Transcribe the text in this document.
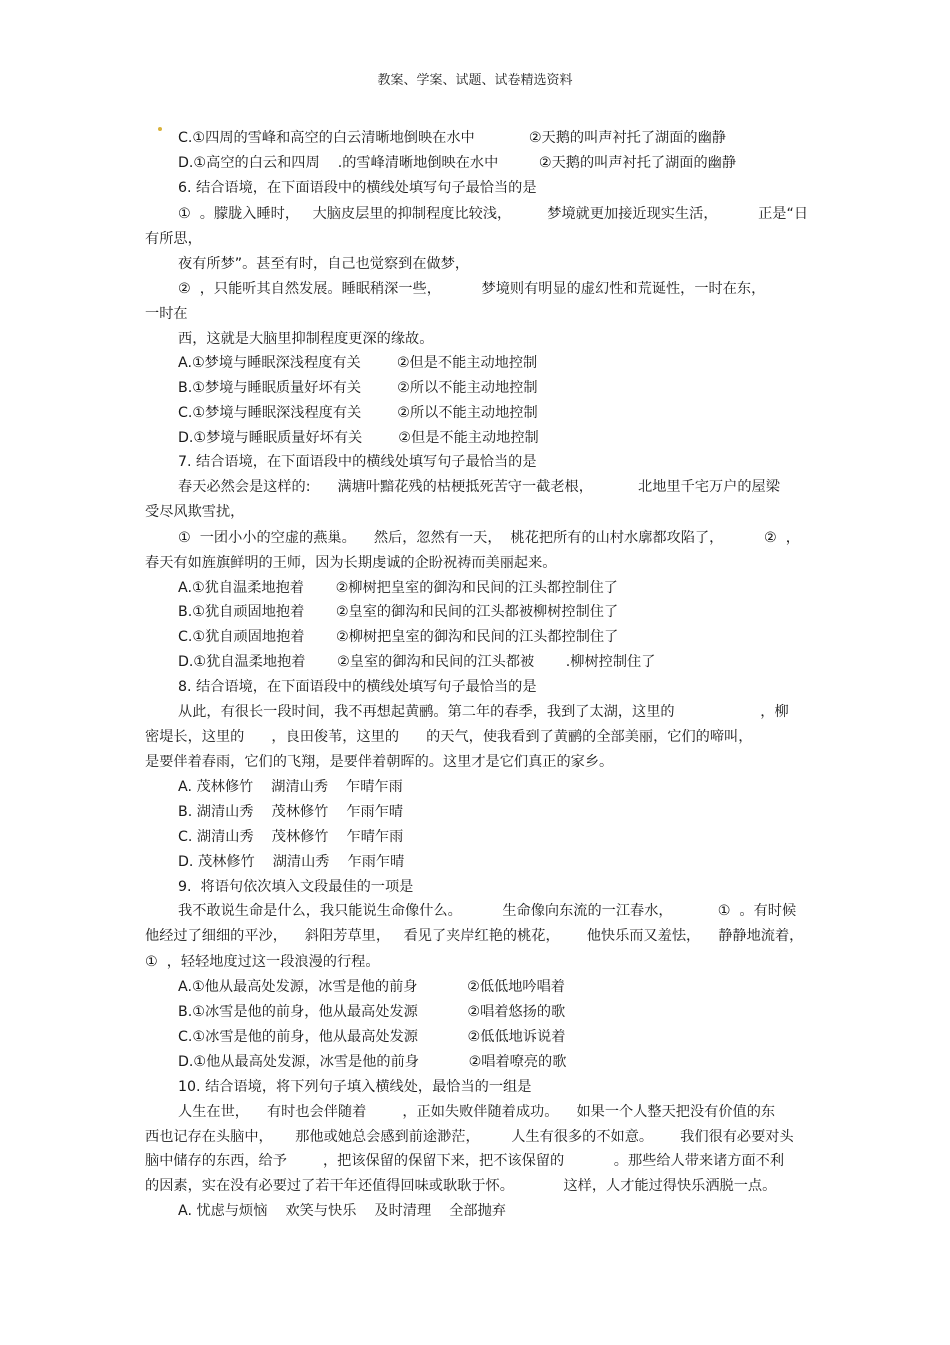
教案、学案、试题、试卷精选资料
C.①四周的雪峰和高空的白云清晰地倒映在水中            ②天鹅的叫声衬托了湖面的幽静
D.①高空的白云和四周    .的雪峰清晰地倒映在水中         ②天鹅的叫声衬托了湖面的幽静
6. 结合语境，在下面语段中的横线处填写句子最恰当的是
①  。朦胧入睡时，   大脑皮层里的抑制程度比较浅，        梦境就更加接近现实生活，         正是“日
有所思，
夜有所梦”。甚至有时，自己也觉察到在做梦，
②  ，只能听其自然发展。睡眠稍深一些，         梦境则有明显的虚幻性和荒诞性，一时在东，
一时在
西，这就是大脑里抑制程度更深的缘故。
A.①梦境与睡眠深浅程度有关        ②但是不能主动地控制
B.①梦境与睡眠质量好坏有关        ②所以不能主动地控制
C.①梦境与睡眠深浅程度有关        ②所以不能主动地控制
D.①梦境与睡眠质量好坏有关        ②但是不能主动地控制
7. 结合语境，在下面语段中的横线处填写句子最恰当的是
春天必然会是这样的:      满塘叶黯花残的枯梗抵死苦守一截老根，          北地里千宅万户的屋梁
受尽风欺雪扰，
①  一团小小的空虚的燕巢。    然后，忽然有一天，  桃花把所有的山村水廓都攻陷了，         ②  ，
春天有如旌旗鲜明的王师，因为长期虔诚的企盼祝祷而美丽起来。
A.①犹自温柔地抱着       ②柳树把皇室的御沟和民间的江头都控制住了
B.①犹自顽固地抱着       ②皇室的御沟和民间的江头都被柳树控制住了
C.①犹自顽固地抱着       ②柳树把皇室的御沟和民间的江头都控制住了
D.①犹自温柔地抱着       ②皇室的御沟和民间的江头都被       .柳树控制住了
8. 结合语境，在下面语段中的横线处填写句子最恰当的是
从此，有很长一段时间，我不再想起黄鹂。第二年的春季，我到了太湖，这里的                   ，柳
密堤长，这里的      ，良田俊苇，这里的      的天气，使我看到了黄鹂的全部美丽，它们的啼叫，
是要伴着春雨，它们的飞翔，是要伴着朝晖的。这里才是它们真正的家乡。
A. 茂林修竹    湖清山秀    乍晴乍雨
B. 湖清山秀    茂林修竹    乍雨乍晴
C. 湖清山秀    茂林修竹    乍晴乍雨
D. 茂林修竹    湖清山秀    乍雨乍晴
9.  将语句依次填入文段最佳的一项是
我不敢说生命是什么，我只能说生命像什么。         生命像向东流的一江春水，          ①  。有时候
他经过了细细的平沙，    斜阳芳草里，   看见了夹岸红艳的桃花，      他快乐而又羞怯，    静静地流着，
①  ，轻轻地度过这一段浪漫的行程。
A.①他从最高处发源，冰雪是他的前身           ②低低地吟唱着
B.①冰雪是他的前身，他从最高处发源           ②唱着悠扬的歌
C.①冰雪是他的前身，他从最高处发源           ②低低地诉说着
D.①他从最高处发源，冰雪是他的前身           ②唱着嘹亮的歌
10. 结合语境，将下列句子填入横线处，最恰当的一组是
人生在世，    有时也会伴随着        ，正如失败伴随着成功。    如果一个人整天把没有价值的东
西也记存在头脑中，     那他或她总会感到前途渺茫，       人生有很多的不如意。      我们很有必要对头
脑中储存的东西，给予        ，把该保留的保留下来，把不该保留的           。那些给人带来诸方面不利
的因素，实在没有必要过了若干年还值得回味或耿耿于怀。           这样，人才能过得快乐洒脱一点。
A. 忧虑与烦恼    欢笑与快乐    及时清理    全部抛弃
